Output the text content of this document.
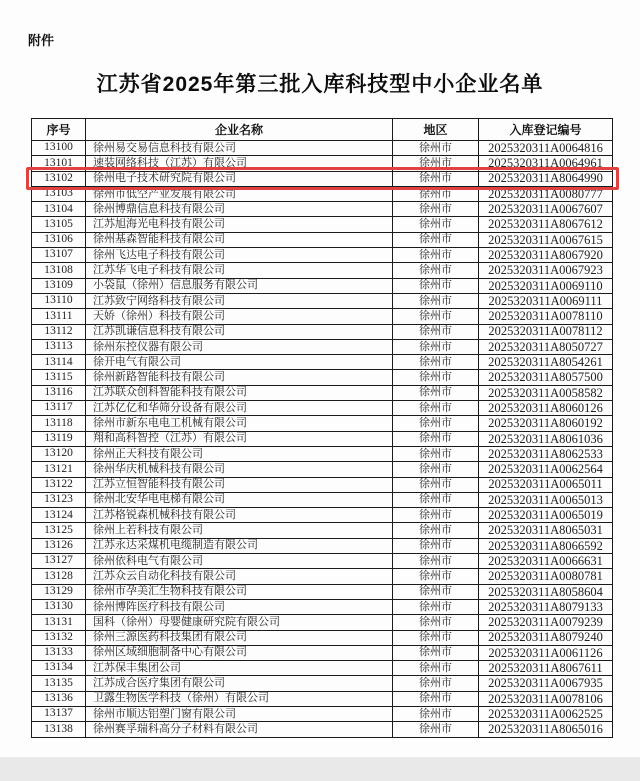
附件
江苏省2025年第三批入库科技型中小企业名单
序号	企业名称	地区	入库登记编号
13100	徐州易交易信息科技有限公司	徐州市	2025320311A0064816
13101	速装网络科技（江苏）有限公司	徐州市	2025320311A0064961
13102	徐州电子技术研究院有限公司	徐州市	2025320311A8064990
13103	徐州市低空产业发展有限公司	徐州市	2025320311A0080777
13104	徐州博鼎信息科技有限公司	徐州市	2025320311A0067607
13105	江苏旭海光电科技有限公司	徐州市	2025320311A8067612
13106	徐州基森智能科技有限公司	徐州市	2025320311A0067615
13107	徐州飞达电子科技有限公司	徐州市	2025320311A8067920
13108	江苏华飞电子科技有限公司	徐州市	2025320311A0067923
13109	小袋鼠（徐州）信息服务有限公司	徐州市	2025320311A0069110
13110	江苏致宁网络科技有限公司	徐州市	2025320311A0069111
13111	天娇（徐州）科技有限公司	徐州市	2025320311A0078110
13112	江苏凯谦信息科技有限公司	徐州市	2025320311A0078112
13113	徐州东控仪器有限公司	徐州市	2025320311A8050727
13114	徐开电气有限公司	徐州市	2025320311A8054261
13115	徐州新路智能科技有限公司	徐州市	2025320311A8057500
13116	江苏联众创科智能科技有限公司	徐州市	2025320311A0058582
13117	江苏亿亿和华筛分设备有限公司	徐州市	2025320311A8060126
13118	徐州市新东电电工机械有限公司	徐州市	2025320311A8060192
13119	翔和高科智控（江苏）有限公司	徐州市	2025320311A8061036
13120	徐州正天科技有限公司	徐州市	2025320311A8062533
13121	徐州华庆机械科技有限公司	徐州市	2025320311A0062564
13122	江苏立恒智能科技有限公司	徐州市	2025320311A0065011
13123	徐州北安华电电梯有限公司	徐州市	2025320311A0065013
13124	江苏格锐森机械科技有限公司	徐州市	2025320311A0065019
13125	徐州上若科技有限公司	徐州市	2025320311A8065031
13126	江苏永达采煤机电缆制造有限公司	徐州市	2025320311A8066592
13127	徐州依科电气有限公司	徐州市	2025320311A0066631
13128	江苏众云自动化科技有限公司	徐州市	2025320311A0080781
13129	徐州市孕美汇生物科技有限公司	徐州市	2025320311A8058604
13130	徐州博阵医疗科技有限公司	徐州市	2025320311A8079133
13131	国科（徐州）母婴健康研究院有限公司	徐州市	2025320311A0079239
13132	徐州三源医药科技集团有限公司	徐州市	2025320311A8079240
13133	徐州区域细胞制备中心有限公司	徐州市	2025320311A0061126
13134	江苏保丰集团公司	徐州市	2025320311A8067611
13135	江苏成合医疗集团有限公司	徐州市	2025320311A0067935
13136	卫露生物医学科技（徐州）有限公司	徐州市	2025320311A0078106
13137	徐州市顺达铝塑门窗有限公司	徐州市	2025320311A0062525
13138	徐州赛孚瑞科高分子材料有限公司	徐州市	2025320311A8065016
